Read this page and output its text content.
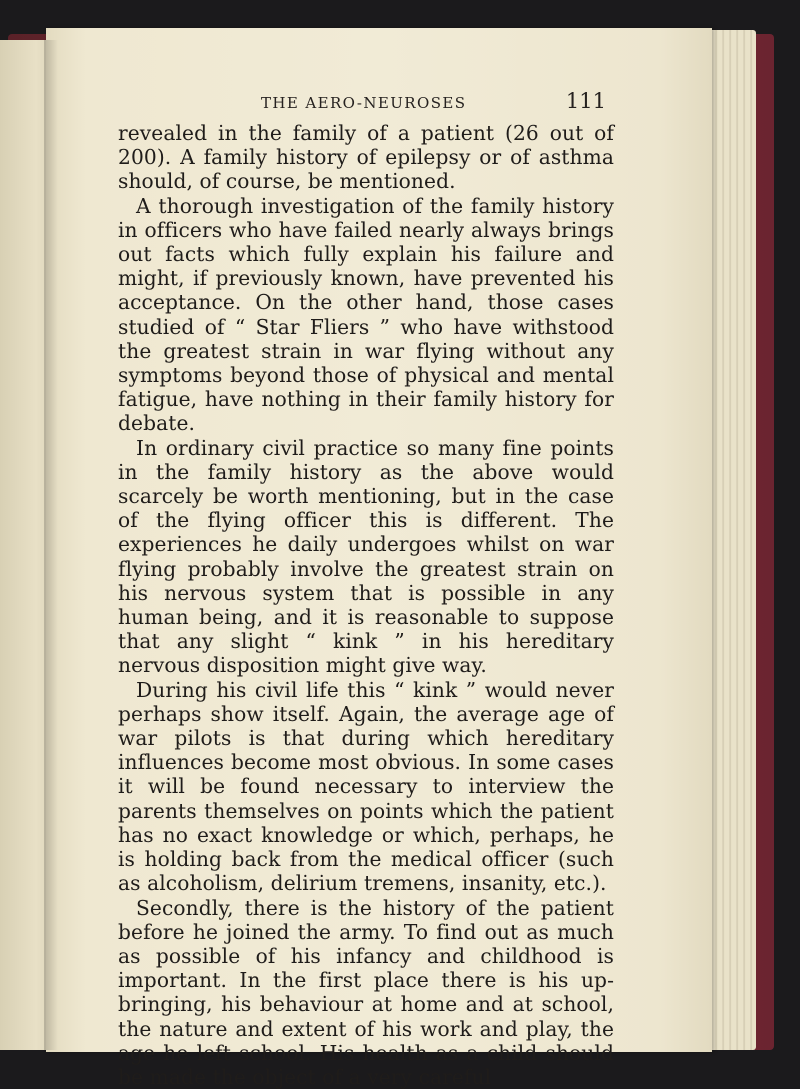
THE AERO-NEUROSES	111

revealed in the family of a patient (26 out of 200). A family history of epilepsy or of asthma should, of course, be mentioned.

A thorough investigation of the family history in officers who have failed nearly always brings out facts which fully explain his failure and might, if previously known, have prevented his acceptance. On the other hand, those cases studied of “ Star Fliers ” who have withstood the greatest strain in war flying without any symptoms beyond those of physical and mental fatigue, have nothing in their family history for debate.

In ordinary civil practice so many fine points in the family history as the above would scarcely be worth mentioning, but in the case of the flying officer this is different. The experiences he daily undergoes whilst on war flying probably involve the greatest strain on his nervous system that is possible in any human being, and it is reasonable to suppose that any slight “ kink ” in his hereditary nervous disposition might give way.

During his civil life this “ kink ” would never perhaps show itself. Again, the average age of war pilots is that during which hereditary influences become most obvious. In some cases it will be found necessary to interview the parents themselves on points which the patient has no exact knowledge or which, perhaps, he is holding back from the medical officer (such as alcoholism, delirium tremens, insanity, etc.).

Secondly, there is the history of the patient before he joined the army. To find out as much as possible of his infancy and childhood is important. In the first place there is his up-bringing, his behaviour at home and at school, the nature and extent of his work and play, the age he left school. His health as a child should be made the object of a very careful
